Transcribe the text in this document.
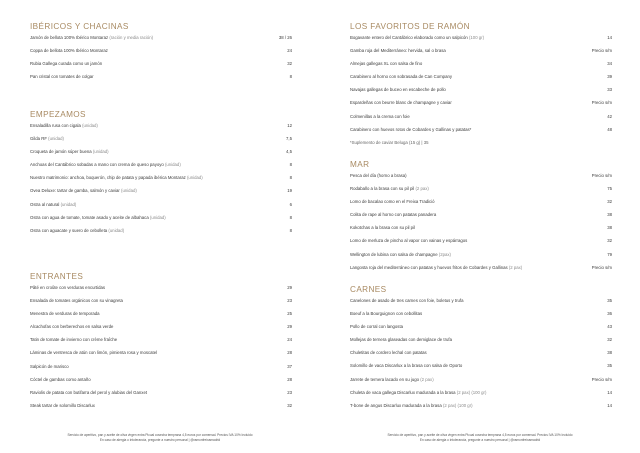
IBÉRICOS Y CHACINAS
Jamón de bellota 100% Ibérico Montaraz (ración y media ración)	38 / 26
Coppa de bellota 100% Ibérico Montaraz	24
Rubia Gallega curada como un jamón	32
Pan cristal con tomates de colgar	8
EMPEZAMOS
Ensaladilla rusa con cigala (unidad)	12
Gilda RF (unidad)	7,5
Croqueta de jamón súper buena (unidad)	4,5
Anchoas del Cantábrico sobadas a mano con crema de queso payoyo (unidad)	8
Nuestro matrimonio: anchoa, boquerón, chip de patata y papada ibérica Montaraz (unidad)	8
Ovea Deluxe: tartar de gamba, salmón y caviar (unidad)	19
Ostra al natural (unidad)	6
Ostra con agua de tomate, tomate asado y aceite de albahaca (unidad)	8
Ostra con aguacate y suero de cebolleta (unidad)	8
ENTRANTES
Pâté en croûte con verduras encurtidas	29
Ensalada de tomates orgánicos con su vinagreta	23
Menestra de verduras de temporada	25
Alcachofas con berberechos en salsa verde	29
Tatin de tomate de invierno con crème fraîche	24
Láminas de ventresca de atún con limón, pimienta rosa y moscatel	28
Salpicón de marisco	37
Cóctel de gambas como antaño	28
Raviolis de patata con butifarra del perol y alubias del Ganxet	23
Steak tartar de solomillo Discarlux	32
LOS FAVORITOS DE RAMÓN
Bogavante entero del Cantábrico elaborado como un salpicón (100 gr)	14
Gamba roja del Mediterráneo: hervida, sal o brasa	Precio s/m
Almejas gallegas XL con salsa de fino	34
Carabinero al horno con sobrasada de Can Company	39
Navajas gallegas de buceo en escabeche de pollo	33
Espardeñas con beurre blanc de champagne y caviar	Precio s/m
Colmenillas a la crema con foie	42
Carabinero con huevos rotos de Cobardes y Gallinas y patatas*	48
*Suplemento de caviar Beluga (15 g) | 35
MAR
Pesca del día (horno a brasa)	Precio s/m
Rodaballo a la brasa con su pil pil (2 pax)	75
Lomo de bacalao como en el Freixa Tradició	32
Colita de rape al horno con patatas panadera	38
Kokotchas a la brasa con su pil pil	38
Lomo de merluza de pincho al vapor con vainas y espárragos	32
Wellington de lubina con salsa de champagne (2pax)	79
Langosta roja del mediterráneo con patatas y huevos fritos de Cobardes y Gallinas (2 pax)	Precio s/m
CARNES
Canelones de asado de tres carnes con foie, boletus y trufa	35
Boeuf a la Bourguignon con cebollitas	36
Pollo de corral con langosta	43
Mollejas de ternera glaseadas con demiglace de trufa	32
Chuletitas de cordero lechal con patatas	38
Solomillo de vaca Discarlux a la brasa con salsa de Oporto	35
Jarrete de ternera lacado en su jugo (2 pax)	Precio s/m
Chuleta de vaca gallega Discarlux madurada a la brasa (2 pax) (100 gr)	14
T-bone de angus Discarlux madurada a la brasa (2 pax) (100 gr)	14
Servicio de aperitivo, pan y aceite de oliva virgen extra Picual cosecha temprana 4,5 euros por comensal. Precios IVA 10% Incluido
En caso de alergia o intolerancia, pregunte a nuestro personal | @ramonfreixamadrid
Servicio de aperitivo, pan y aceite de oliva virgen extra Picual cosecha temprana 4,5 euros por comensal. Precios IVA 10% Incluido
En caso de alergia o intolerancia, pregunte a nuestro personal | @ramonfreixamadrid
